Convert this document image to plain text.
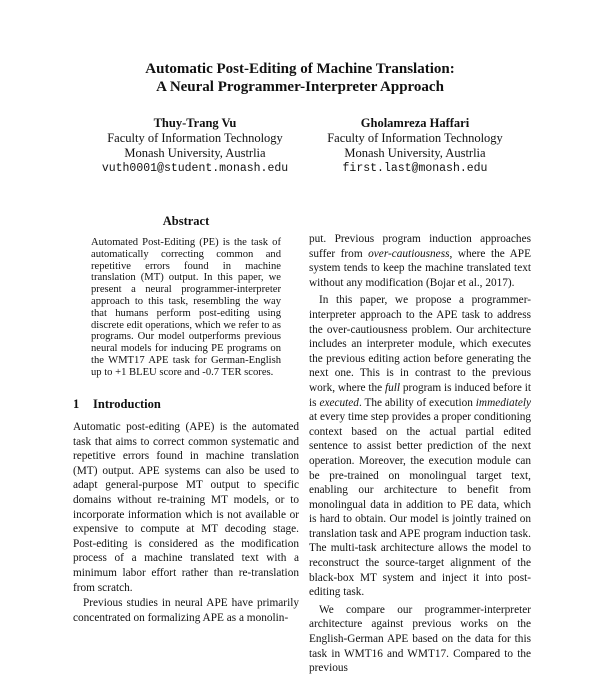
Automatic Post-Editing of Machine Translation:
A Neural Programmer-Interpreter Approach
Thuy-Trang Vu
Faculty of Information Technology
Monash University, Austrlia
vuth0001@student.monash.edu
Gholamreza Haffari
Faculty of Information Technology
Monash University, Austrlia
first.last@monash.edu
Abstract
Automated Post-Editing (PE) is the task of automatically correcting common and repetitive errors found in machine translation (MT) output. In this paper, we present a neural programmer-interpreter approach to this task, resembling the way that humans perform post-editing using discrete edit operations, which we refer to as programs. Our model outperforms previous neural models for inducing PE programs on the WMT17 APE task for German-English up to +1 BLEU score and -0.7 TER scores.
1 Introduction

Automatic post-editing (APE) is the automated task that aims to correct common systematic and repetitive errors found in machine translation (MT) output. APE systems can also be used to adapt general-purpose MT output to specific domains without re-training MT models, or to incorporate information which is not available or expensive to compute at MT decoding stage. Post-editing is considered as the modification process of a machine translated text with a minimum labor effort rather than re-translation from scratch.

Previous studies in neural APE have primarily concentrated on formalizing APE as a monolin-

put. Previous program induction approaches suffer from over-cautiousness, where the APE system tends to keep the machine translated text without any modification (Bojar et al., 2017).

In this paper, we propose a programmer-interpreter approach to the APE task to address the over-cautiousness problem. Our architecture includes an interpreter module, which executes the previous editing action before generating the next one. This is in contrast to the previous work, where the full program is induced before it is executed. The ability of execution immediately at every time step provides a proper conditioning context based on the actual partial edited sentence to assist better prediction of the next operation. Moreover, the execution module can be pre-trained on monolingual target text, enabling our architecture to benefit from monolingual data in addition to PE data, which is hard to obtain. Our model is jointly trained on translation task and APE program induction task. The multi-task architecture allows the model to reconstruct the source-target alignment of the black-box MT system and inject it into post-editing task.

We compare our programmer-interpreter architecture against previous works on the English-German APE based on the data for this task in WMT16 and WMT17. Compared to the previous
